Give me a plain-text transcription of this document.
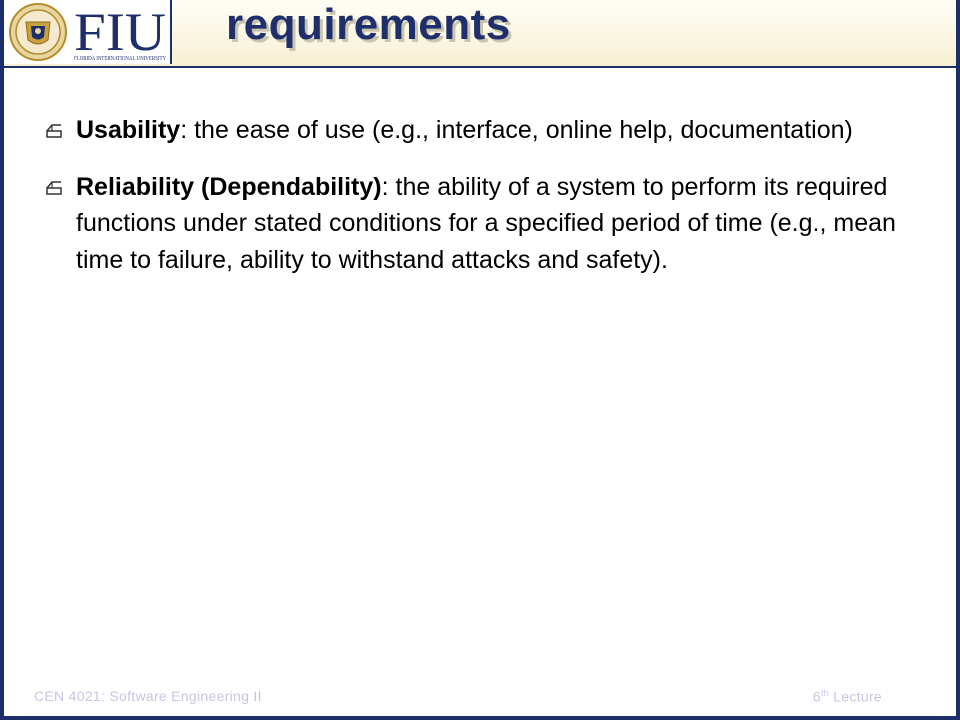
FIU
FLORIDA INTERNATIONAL UNIVERSITY
requirements
Usability: the ease of use (e.g., interface, online help, documentation)
Reliability (Dependability): the ability of a system to perform its required functions under stated conditions for a specified period of time (e.g., mean time to failure, ability to withstand attacks and safety).
CEN 4021: Software Engineering II	6th Lecture
